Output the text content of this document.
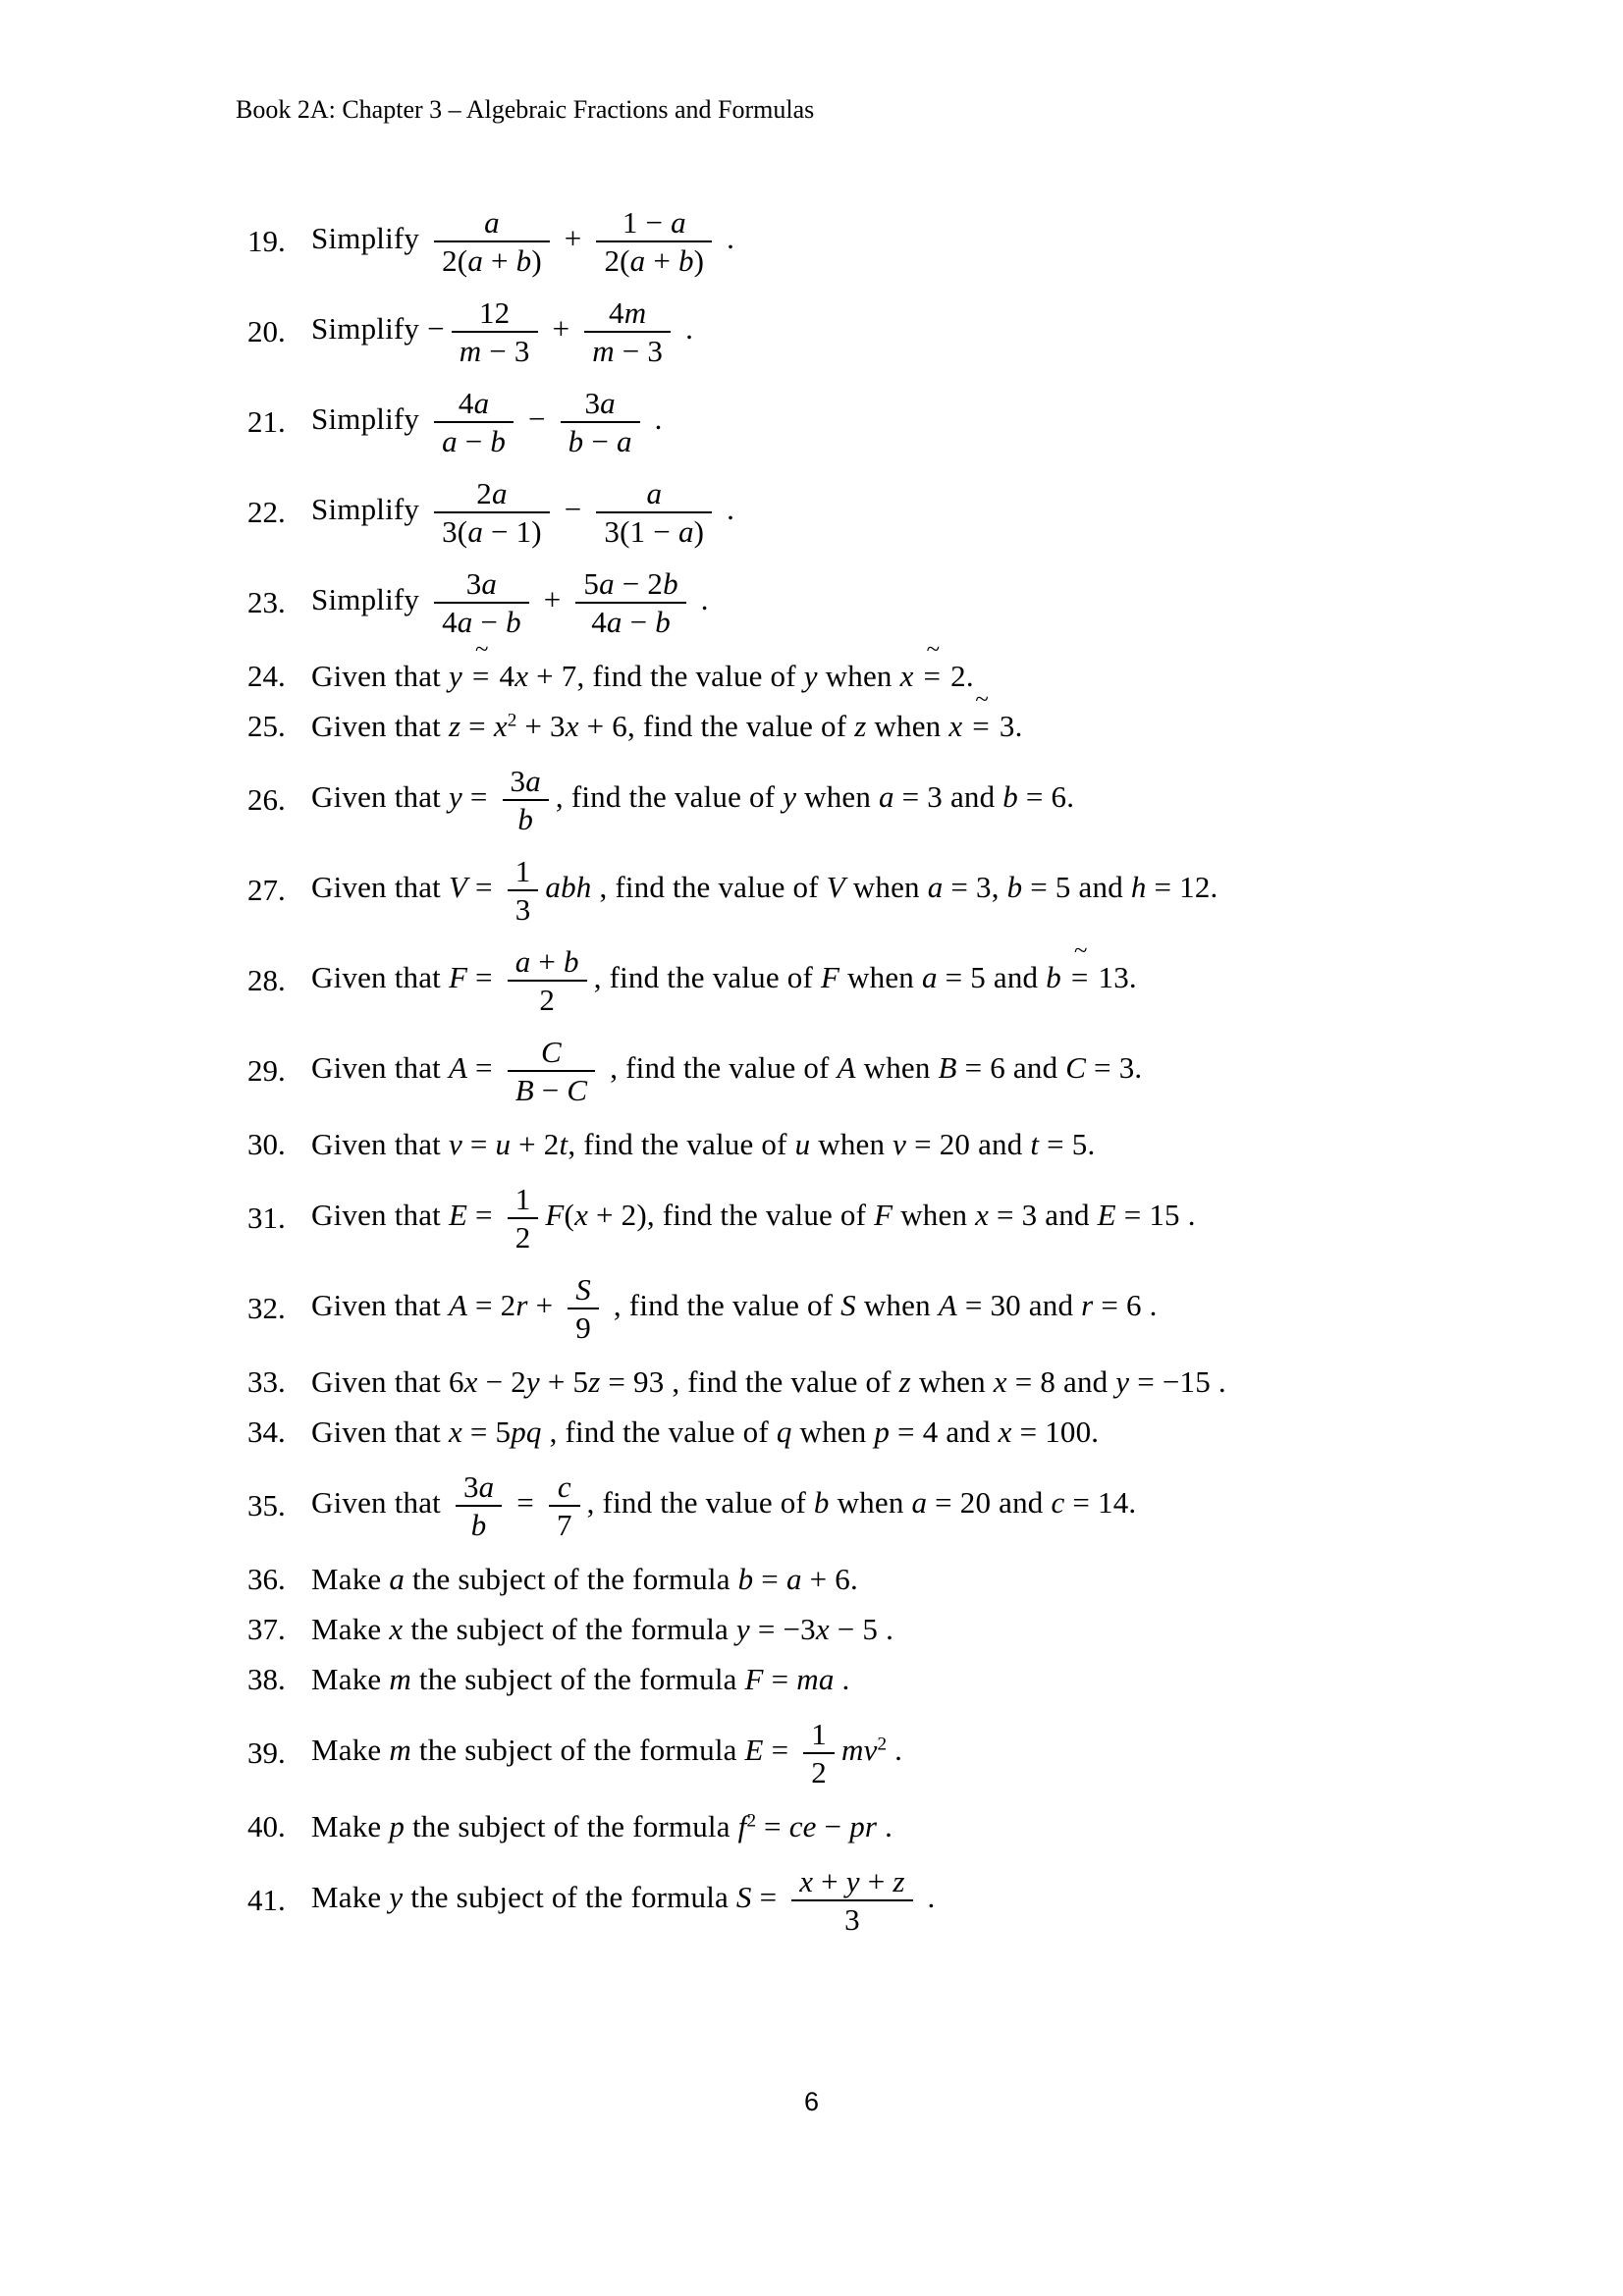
Book 2A: Chapter 3 – Algebraic Fractions and Formulas
19. Simplify $\frac{a}{2(a + b)} + \frac{1 - a}{2(a + b)}$ .
20. Simplify − $\frac{12}{m - 3} + \frac{4m}{m - 3}$ .
21. Simplify $\frac{4a}{a - b} - \frac{3a}{b - a}$ .
22. Simplify $\frac{2a}{3(a - 1)} - \frac{a}{3(1 - a)}$ .
23. Simplify $\frac{3a}{4a - b} + \frac{5a - 2b}{4a - b}$ .
24. Given that y =
~
4x + 7, find the value of y when x =
~
2.
25. Given that $z = x^2 + 3x + 6$, find the value of z when x =
~
3.
26. Given that $y = \frac{3a}{b}$ , find the value of y when a = 3 and b = 6.
27. Given that $V = \frac{1}{3}$ abh , find the value of V when a = 3, b = 5 and h = 12.
28. Given that $F = \frac{a + b}{2}$ , find the value of F when a = 5 and b =
~
13.
29. Given that $A = \frac{C}{B - C}$ , find the value of A when B = 6 and C = 3.
30. Given that v = u + 2t, find the value of u when v = 20 and t = 5.
31. Given that $E = \frac{1}{2} F(x + 2)$, find the value of F when x = 3 and E = 15 .
32. Given that $A = 2r + \frac{S}{9}$ , find the value of S when A = 30 and r = 6 .
33. Given that 6x − 2y + 5z = 93 , find the value of z when x = 8 and y = −15 .
34. Given that x = 5pq , find the value of q when p = 4 and x = 100.
35. Given that $\frac{3a}{b} = \frac{c}{7}$ , find the value of b when a = 20 and c = 14.
36. Make a the subject of the formula b = a + 6.
37. Make x the subject of the formula y = −3x − 5 .
38. Make m the subject of the formula F = ma .
39. Make m the subject of the formula $E = \frac{1}{2} mv^2$ .
40. Make p the subject of the formula $f^2$ = ce − pr .
41. Make y the subject of the formula $S = \frac{x + y + z}{3}$ .
6
